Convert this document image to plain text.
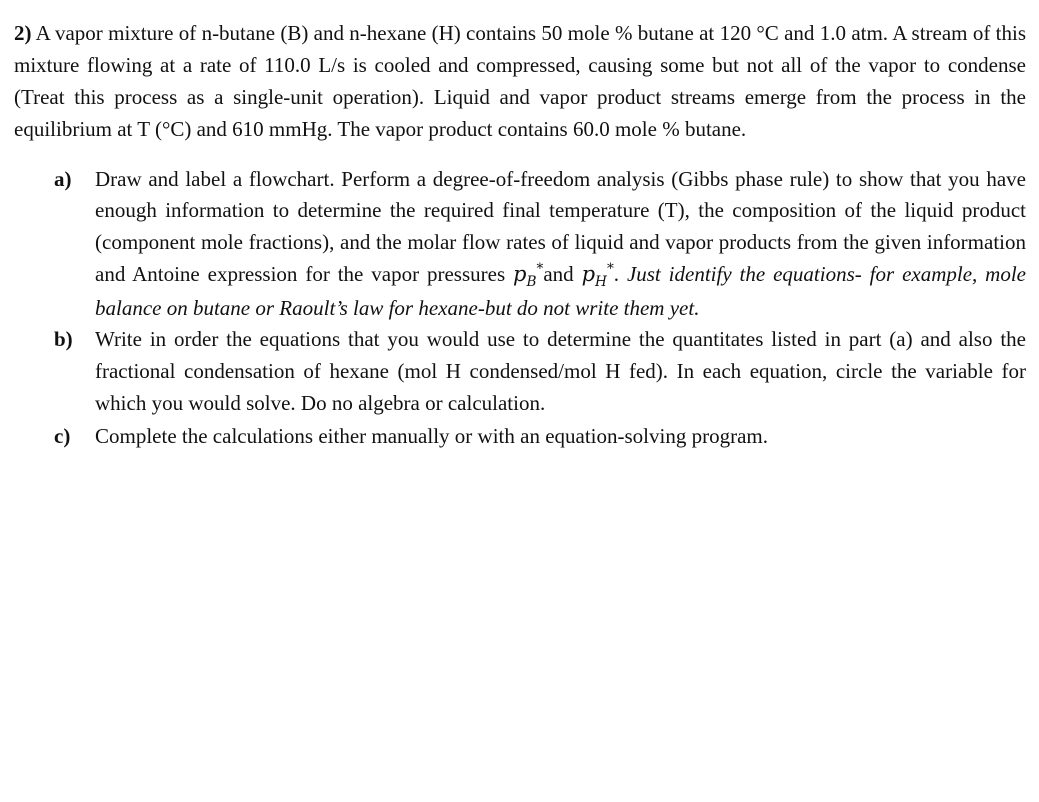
2) A vapor mixture of n-butane (B) and n-hexane (H) contains 50 mole % butane at 120 °C and 1.0 atm. A stream of this mixture flowing at a rate of 110.0 L/s is cooled and compressed, causing some but not all of the vapor to condense (Treat this process as a single-unit operation). Liquid and vapor product streams emerge from the process in the equilibrium at T (°C) and 610 mmHg. The vapor product contains 60.0 mole % butane.

a) Draw and label a flowchart. Perform a degree-of-freedom analysis (Gibbs phase rule) to show that you have enough information to determine the required final temperature (T), the composition of the liquid product (component mole fractions), and the molar flow rates of liquid and vapor products from the given information and Antoine expression for the vapor pressures $p_B^*and$ $p_H^*$. Just identify the equations- for example, mole balance on butane or Raoult’s law for hexane-but do not write them yet.
b) Write in order the equations that you would use to determine the quantitates listed in part (a) and also the fractional condensation of hexane (mol H condensed/mol H fed). In each equation, circle the variable for which you would solve. Do no algebra or calculation.
c) Complete the calculations either manually or with an equation-solving program.
